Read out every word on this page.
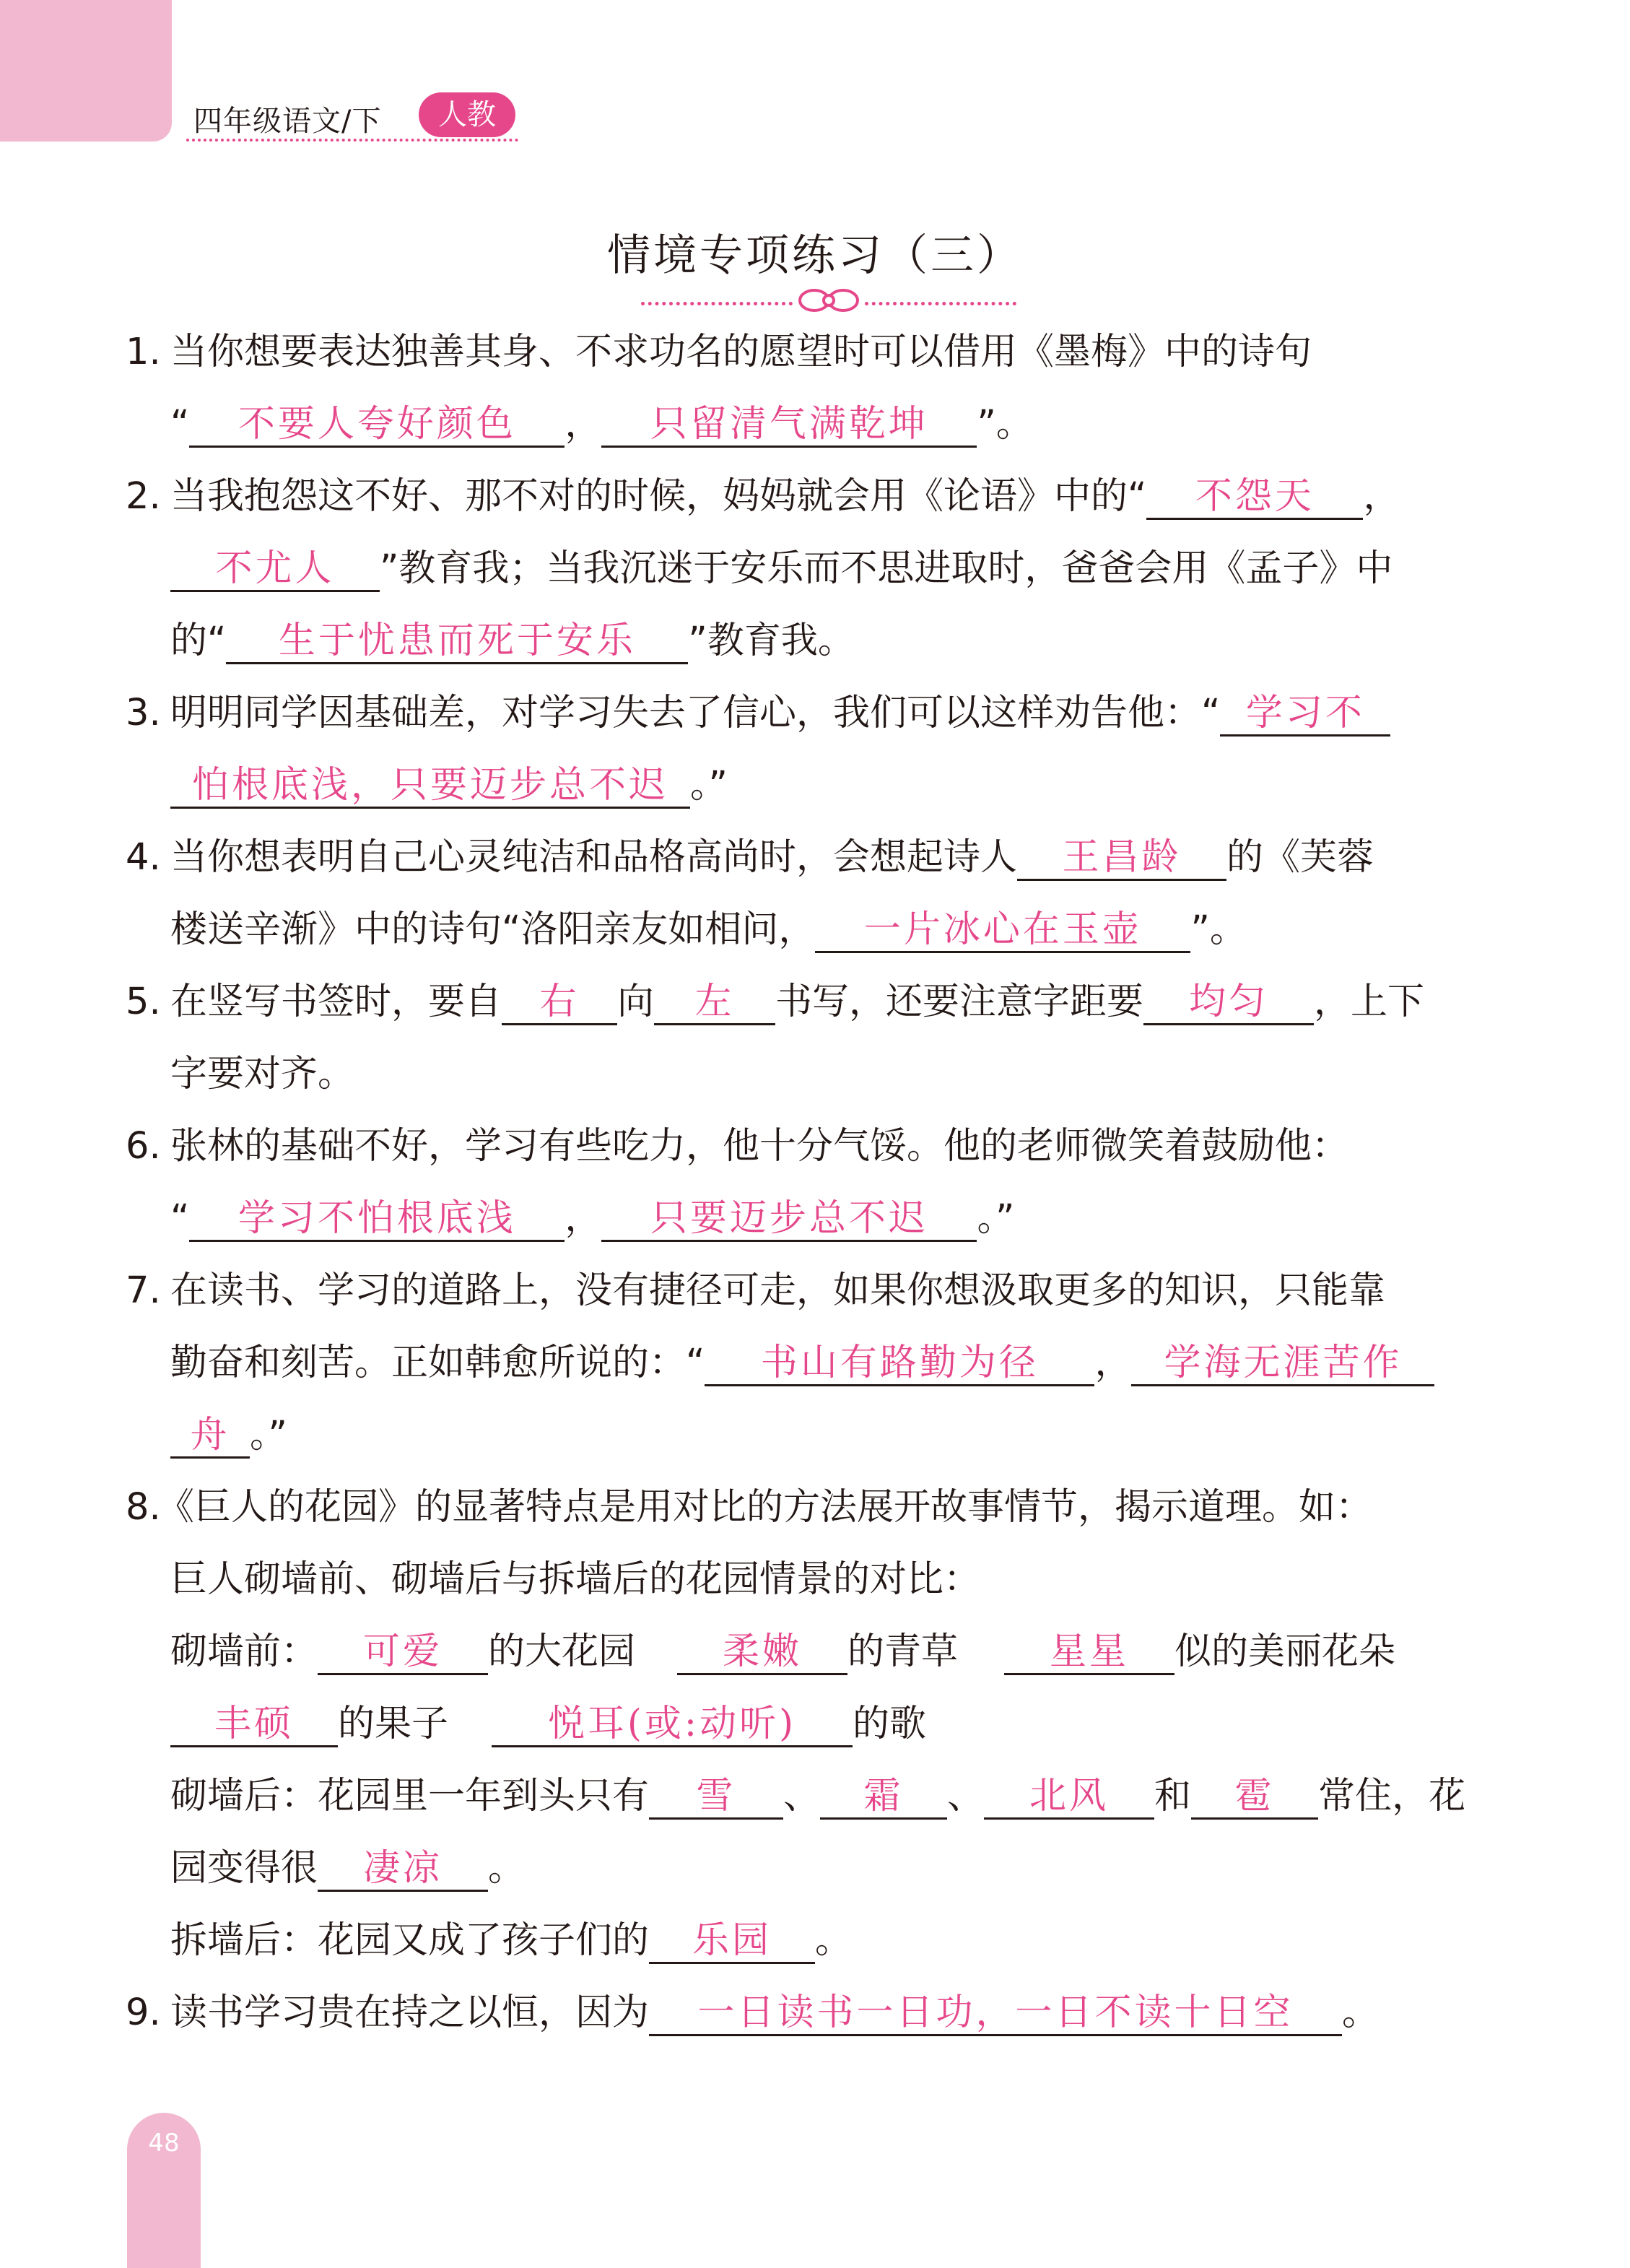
四年级语文/下	人教
情境专项练习（三）
1. 当你想要表达独善其身、不求功名的愿望时可以借用《墨梅》中的诗句
“ 不要人夸好颜色 ， 只留清气满乾坤 ”。
2. 当我抱怨这不好、那不对的时候，妈妈就会用《论语》中的“ 不怨天 ，
不尤人 ”教育我；当我沉迷于安乐而不思进取时，爸爸会用《孟子》中
的“ 生于忧患而死于安乐 ”教育我。
3. 明明同学因基础差，对学习失去了信心，我们可以这样劝告他：“ 学习不
怕根底浅，只要迈步总不迟 。”
4. 当你想表明自己心灵纯洁和品格高尚时，会想起诗人 王昌龄 的《芙蓉
楼送辛渐》中的诗句“洛阳亲友如相问， 一片冰心在玉壶 ”。
5. 在竖写书签时，要自 右 向 左 书写，还要注意字距要 均匀 ，上下
字要对齐。
6. 张林的基础不好，学习有些吃力，他十分气馁。他的老师微笑着鼓励他：
“ 学习不怕根底浅 ， 只要迈步总不迟 。”
7. 在读书、学习的道路上，没有捷径可走，如果你想汲取更多的知识，只能靠
勤奋和刻苦。正如韩愈所说的：“ 书山有路勤为径 ， 学海无涯苦作
舟 。”
8.
《巨人的花园》的显著特点是用对比的方法展开故事情节，揭示道理。如：
巨人砌墙前、砌墙后与拆墙后的花园情景的对比：
砌墙前： 可爱 的大花园 柔嫩 的青草 星星 似的美丽花朵
丰硕 的果子	悦耳(或:动听) 的歌
砌墙后：花园里一年到头只有 雪 、 霜 、 北风 和 雹 常住，花
园变得很 凄凉 。
拆墙后：花园又成了孩子们的 乐园 。
9. 读书学习贵在持之以恒，因为 一日读书一日功，一日不读十日空 。
48
